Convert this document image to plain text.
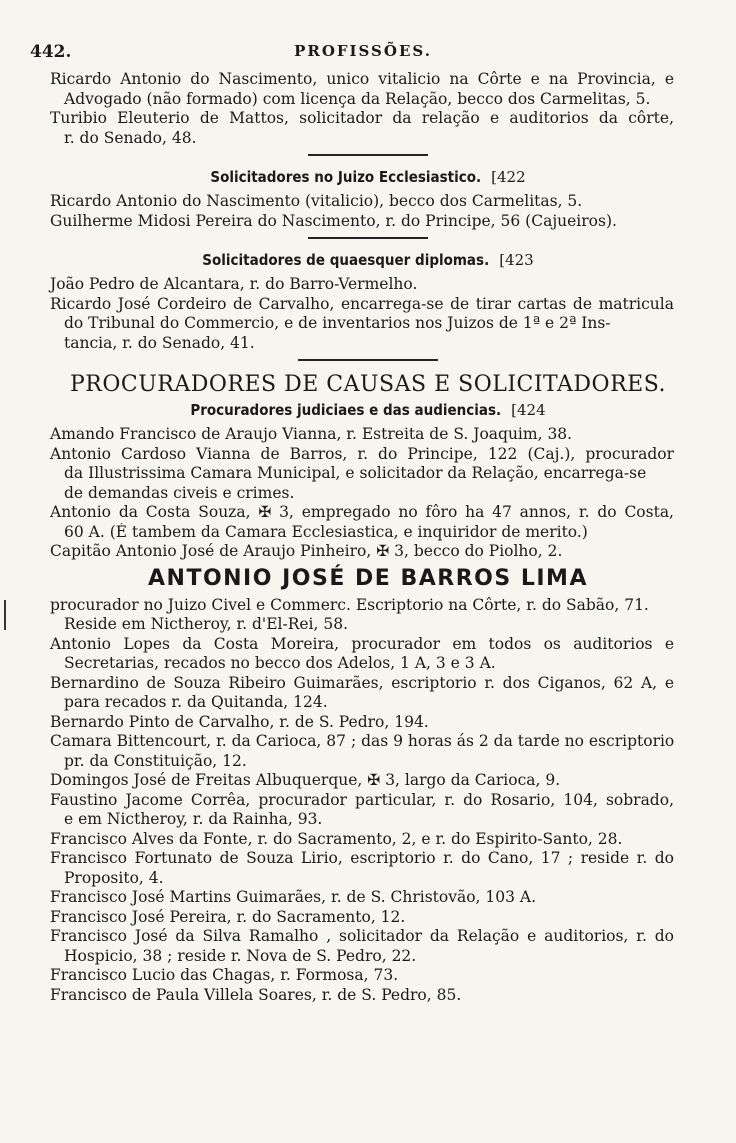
442.	PROFISSÕES.
Ricardo Antonio do Nascimento, unico vitalicio na Côrte e na Provincia, e
Advogado (não formado) com licença da Relação, becco dos Carmelitas, 5.
Turibio Eleuterio de Mattos, solicitador da relação e auditorios da côrte,
r. do Senado, 48.
Solicitadores no Juizo Ecclesiastico. [422
Ricardo Antonio do Nascimento (vitalicio), becco dos Carmelitas, 5.
Guilherme Midosi Pereira do Nascimento, r. do Principe, 56 (Cajueiros).
Solicitadores de quaesquer diplomas. [423
João Pedro de Alcantara, r. do Barro-Vermelho.
Ricardo José Cordeiro de Carvalho, encarrega-se de tirar cartas de matricula
do Tribunal do Commercio, e de inventarios nos Juizos de 1ª e 2ª Ins-
tancia, r. do Senado, 41.
PROCURADORES DE CAUSAS E SOLICITADORES.
Procuradores judiciaes e das audiencias. [424
Amando Francisco de Araujo Vianna, r. Estreita de S. Joaquim, 38.
Antonio Cardoso Vianna de Barros, r. do Principe, 122 (Caj.), procurador
da Illustrissima Camara Municipal, e solicitador da Relação, encarrega-se
de demandas civeis e crimes.
Antonio da Costa Souza, ✠ 3, empregado no fôro ha 47 annos, r. do Costa,
60 A. (É tambem da Camara Ecclesiastica, e inquiridor de merito.)
Capitão Antonio José de Araujo Pinheiro, ✠ 3, becco do Piolho, 2.
ANTONIO JOSÉ DE BARROS LIMA
procurador no Juizo Civel e Commerc. Escriptorio na Côrte, r. do Sabão, 71.
Reside em Nictheroy, r. d'El-Rei, 58.
Antonio Lopes da Costa Moreira, procurador em todos os auditorios e
Secretarias, recados no becco dos Adelos, 1 A, 3 e 3 A.
Bernardino de Souza Ribeiro Guimarães, escriptorio r. dos Ciganos, 62 A, e
para recados r. da Quitanda, 124.
Bernardo Pinto de Carvalho, r. de S. Pedro, 194.
Camara Bittencourt, r. da Carioca, 87 ; das 9 horas ás 2 da tarde no escriptorio
pr. da Constituição, 12.
Domingos José de Freitas Albuquerque, ✠ 3, largo da Carioca, 9.
Faustino Jacome Corrêa, procurador particular, r. do Rosario, 104, sobrado,
e em Nictheroy, r. da Rainha, 93.
Francisco Alves da Fonte, r. do Sacramento, 2, e r. do Espirito-Santo, 28.
Francisco Fortunato de Souza Lirio, escriptorio r. do Cano, 17 ; reside r. do
Proposito, 4.
Francisco José Martins Guimarães, r. de S. Christovão, 103 A.
Francisco José Pereira, r. do Sacramento, 12.
Francisco José da Silva Ramalho , solicitador da Relação e auditorios, r. do
Hospicio, 38 ; reside r. Nova de S. Pedro, 22.
Francisco Lucio das Chagas, r. Formosa, 73.
Francisco de Paula Villela Soares, r. de S. Pedro, 85.
